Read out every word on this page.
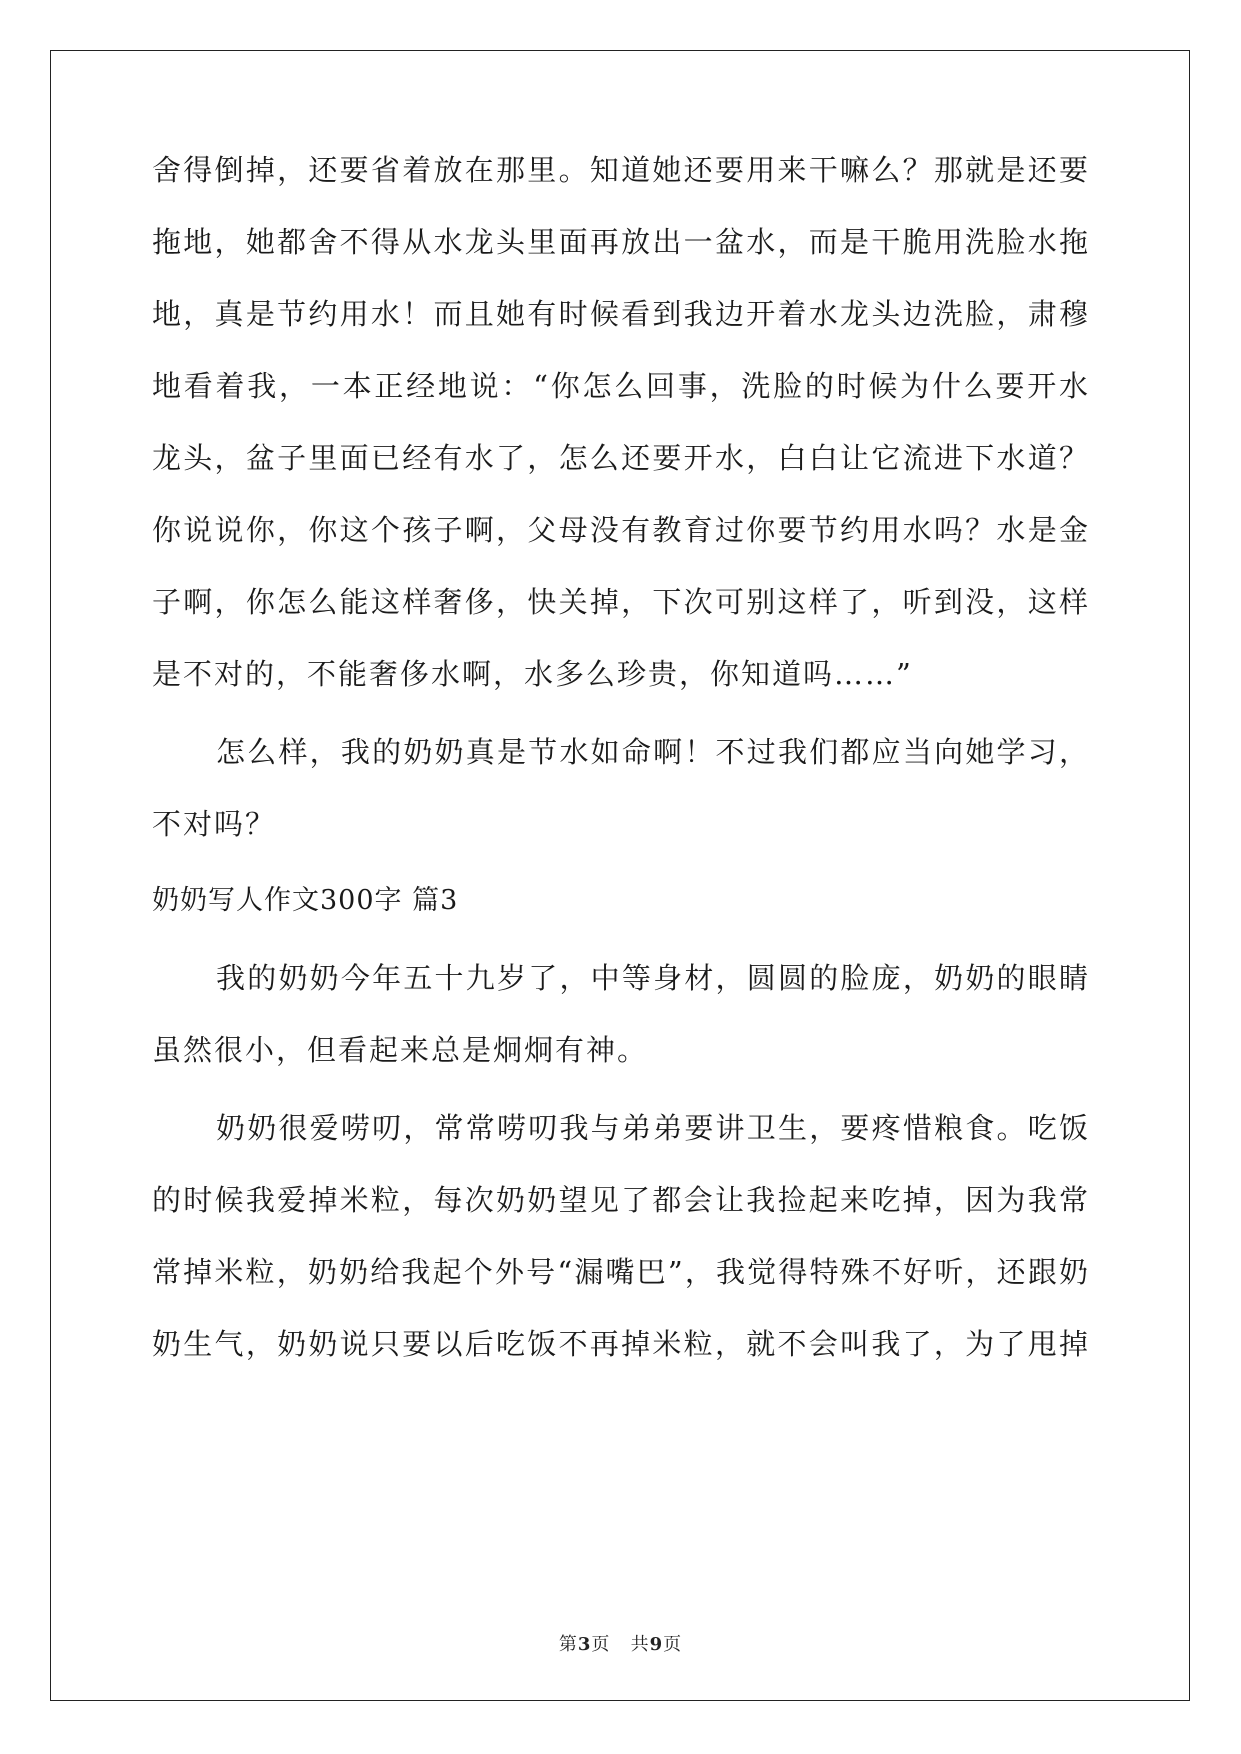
舍得倒掉，还要省着放在那里。知道她还要用来干嘛么？那就是还要

拖地，她都舍不得从水龙头里面再放出一盆水，而是干脆用洗脸水拖

地，真是节约用水！而且她有时候看到我边开着水龙头边洗脸，肃穆

地看着我，一本正经地说：“你怎么回事，洗脸的时候为什么要开水

龙头，盆子里面已经有水了，怎么还要开水，白白让它流进下水道？

你说说你，你这个孩子啊，父母没有教育过你要节约用水吗？水是金

子啊，你怎么能这样奢侈，快关掉，下次可别这样了，听到没，这样

是不对的，不能奢侈水啊，水多么珍贵，你知道吗……”

怎么样，我的奶奶真是节水如命啊！不过我们都应当向她学习，

不对吗？

奶奶写人作文300字 篇3

我的奶奶今年五十九岁了，中等身材，圆圆的脸庞，奶奶的眼睛

虽然很小，但看起来总是炯炯有神。

奶奶很爱唠叨，常常唠叨我与弟弟要讲卫生，要疼惜粮食。吃饭

的时候我爱掉米粒，每次奶奶望见了都会让我捡起来吃掉，因为我常

常掉米粒，奶奶给我起个外号“漏嘴巴”，我觉得特殊不好听，还跟奶

奶生气，奶奶说只要以后吃饭不再掉米粒，就不会叫我了，为了甩掉

第3页 共9页
